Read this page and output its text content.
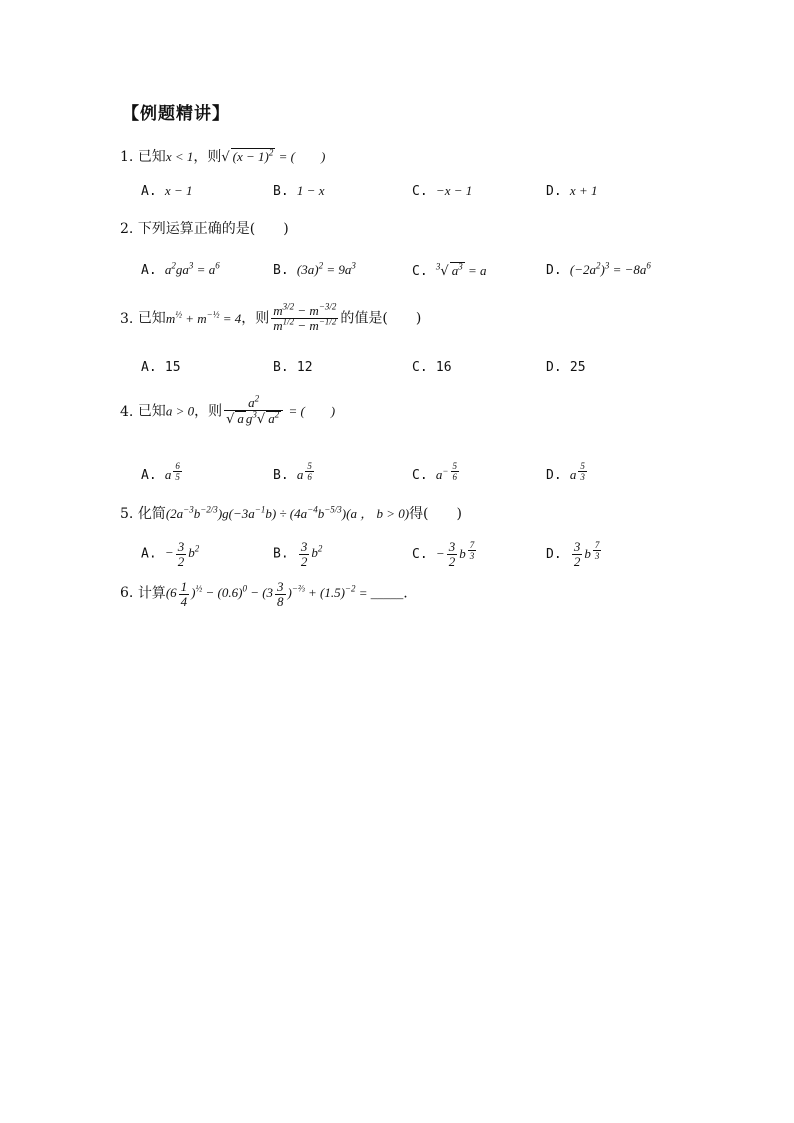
【例题精讲】
1. 已知x < 1，则√ $(x - 1)^2$ = (　　)
A. x − 1	B. 1 − x	C. −x − 1	D. x + 1
2. 下列运算正确的是(　　)
A. $a^2ga^3 = a^6$	B. $(3a)^2 = 9a^3$	C. $^3$√ $a^3 = a$	D. $(-2a^2)^3 = -8a^6$
3. 已知$m^{\frac{1}{2}} + m^{-\frac{1}{2}} = 4$，则 $\frac{m^{3/2} - m^{-3/2}}{m^{1/2} - m^{-1/2}}$ 的值是(　　)
A. 15	B. 12	C. 16	D. 25
4. 已知a > 0，则 $\frac{a^2}{√ a g^3√ a^2}$ = (　　)
A. a $^{\frac{6}{5}}$	B. a $^{\frac{5}{6}}$	C. $a^{- \frac{5}{6}}$	D. a $^{\frac{5}{3}}$
5. 化简$(2a^{-3}b^{-2/3})g(-3a^{-1}b) \div (4a^{-4}b^{-5/3})(a$ ， b > 0)得(　　)
A. − $\frac{3}{2} b^2$	B. $\frac{3}{2} b^2$	C. − $\frac{3}{2}$ b $^{\frac{7}{3}}$	D. $\frac{3}{2}$ b $^{\frac{7}{3}}$
6. 计算$(6 \frac{1}{4} )^{\frac{1}{2}} - (0.6)^0 - (3 \frac{3}{8} )^{-\frac{2}{3}} + (1.5)^{-2}$ = _____.
